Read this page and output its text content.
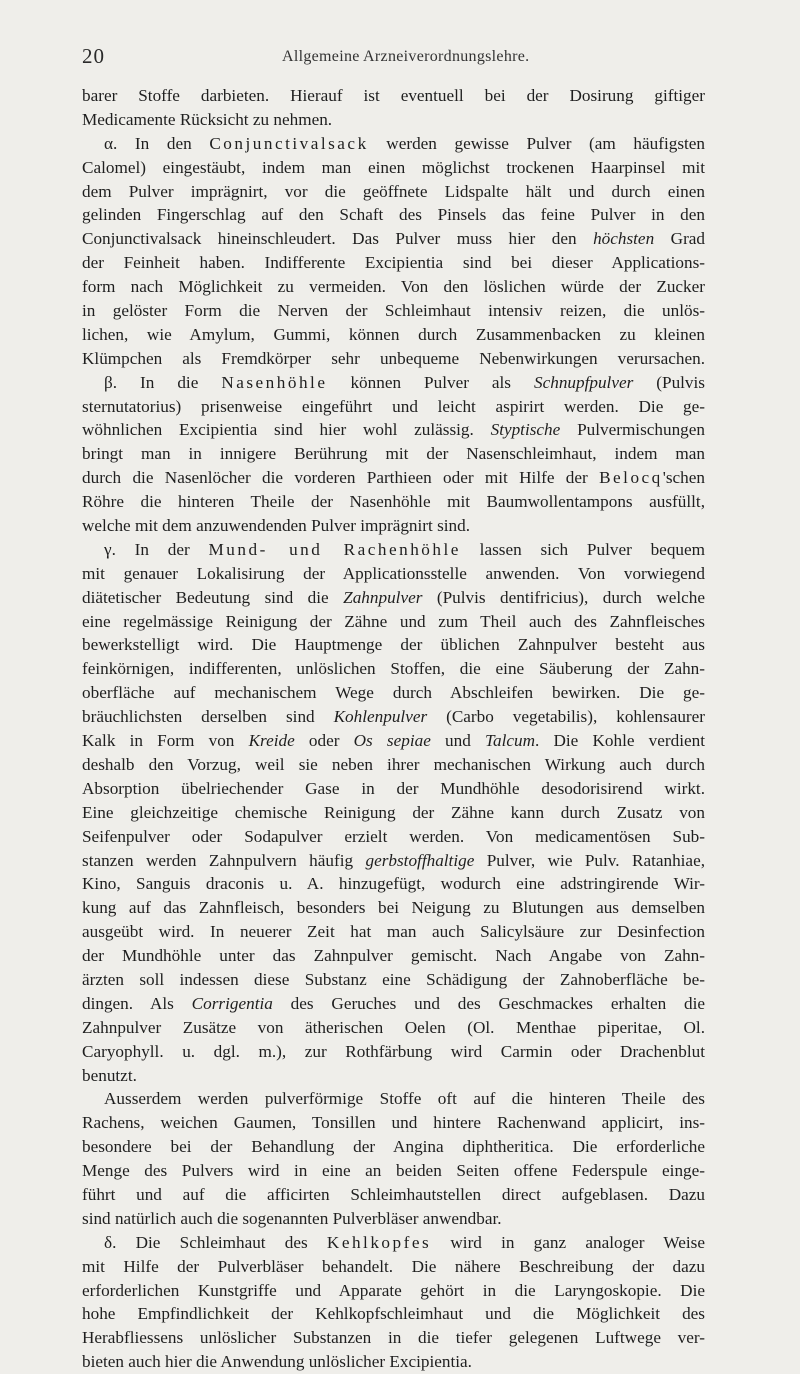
20	Allgemeine Arzneiverordnungslehre.
barer Stoffe darbieten. Hierauf ist eventuell bei der Dosirung giftiger
Medicamente Rücksicht zu nehmen.
α. In den Conjunctivalsack werden gewisse Pulver (am häufigsten
Calomel) eingestäubt, indem man einen möglichst trockenen Haarpinsel mit
dem Pulver imprägnirt, vor die geöffnete Lidspalte hält und durch einen
gelinden Fingerschlag auf den Schaft des Pinsels das feine Pulver in den
Conjunctivalsack hineinschleudert. Das Pulver muss hier den höchsten Grad
der Feinheit haben. Indifferente Excipientia sind bei dieser Applications-
form nach Möglichkeit zu vermeiden. Von den löslichen würde der Zucker
in gelöster Form die Nerven der Schleimhaut intensiv reizen, die unlös-
lichen, wie Amylum, Gummi, können durch Zusammenbacken zu kleinen
Klümpchen als Fremdkörper sehr unbequeme Nebenwirkungen verursachen.
β. In die Nasenhöhle können Pulver als Schnupfpulver (Pulvis
sternutatorius) prisenweise eingeführt und leicht aspirirt werden. Die ge-
wöhnlichen Excipientia sind hier wohl zulässig. Styptische Pulvermischungen
bringt man in innigere Berührung mit der Nasenschleimhaut, indem man
durch die Nasenlöcher die vorderen Parthieen oder mit Hilfe der Belocq'schen
Röhre die hinteren Theile der Nasenhöhle mit Baumwollentampons ausfüllt,
welche mit dem anzuwendenden Pulver imprägnirt sind.
γ. In der Mund- und Rachenhöhle lassen sich Pulver bequem
mit genauer Lokalisirung der Applicationsstelle anwenden. Von vorwiegend
diätetischer Bedeutung sind die Zahnpulver (Pulvis dentifricius), durch welche
eine regelmässige Reinigung der Zähne und zum Theil auch des Zahnfleisches
bewerkstelligt wird. Die Hauptmenge der üblichen Zahnpulver besteht aus
feinkörnigen, indifferenten, unlöslichen Stoffen, die eine Säuberung der Zahn-
oberfläche auf mechanischem Wege durch Abschleifen bewirken. Die ge-
bräuchlichsten derselben sind Kohlenpulver (Carbo vegetabilis), kohlensaurer
Kalk in Form von Kreide oder Os sepiae und Talcum. Die Kohle verdient
deshalb den Vorzug, weil sie neben ihrer mechanischen Wirkung auch durch
Absorption übelriechender Gase in der Mundhöhle desodorisirend wirkt.
Eine gleichzeitige chemische Reinigung der Zähne kann durch Zusatz von
Seifenpulver oder Sodapulver erzielt werden. Von medicamentösen Sub-
stanzen werden Zahnpulvern häufig gerbstoffhaltige Pulver, wie Pulv. Ratanhiae,
Kino, Sanguis draconis u. A. hinzugefügt, wodurch eine adstringirende Wir-
kung auf das Zahnfleisch, besonders bei Neigung zu Blutungen aus demselben
ausgeübt wird. In neuerer Zeit hat man auch Salicylsäure zur Desinfection
der Mundhöhle unter das Zahnpulver gemischt. Nach Angabe von Zahn-
ärzten soll indessen diese Substanz eine Schädigung der Zahnoberfläche be-
dingen. Als Corrigentia des Geruches und des Geschmackes erhalten die
Zahnpulver Zusätze von ätherischen Oelen (Ol. Menthae piperitae, Ol.
Caryophyll. u. dgl. m.), zur Rothfärbung wird Carmin oder Drachenblut
benutzt.
Ausserdem werden pulverförmige Stoffe oft auf die hinteren Theile des
Rachens, weichen Gaumen, Tonsillen und hintere Rachenwand applicirt, ins-
besondere bei der Behandlung der Angina diphtheritica. Die erforderliche
Menge des Pulvers wird in eine an beiden Seiten offene Federspule einge-
führt und auf die afficirten Schleimhautstellen direct aufgeblasen. Dazu
sind natürlich auch die sogenannten Pulverbläser anwendbar.
δ. Die Schleimhaut des Kehlkopfes wird in ganz analoger Weise
mit Hilfe der Pulverbläser behandelt. Die nähere Beschreibung der dazu
erforderlichen Kunstgriffe und Apparate gehört in die Laryngoskopie. Die
hohe Empfindlichkeit der Kehlkopfschleimhaut und die Möglichkeit des
Herabfliessens unlöslicher Substanzen in die tiefer gelegenen Luftwege ver-
bieten auch hier die Anwendung unlöslicher Excipientia.
